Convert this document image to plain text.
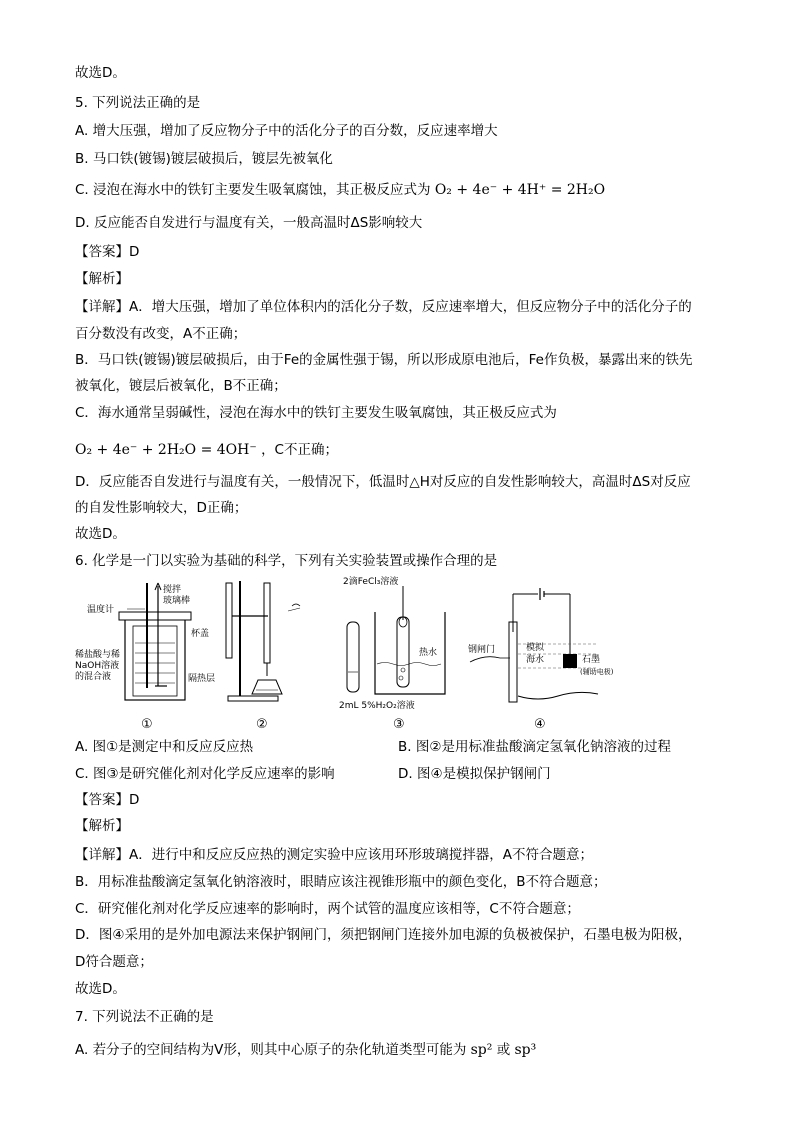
故选D。
5. 下列说法正确的是
A. 增大压强，增加了反应物分子中的活化分子的百分数，反应速率增大
B. 马口铁(镀锡)镀层破损后，镀层先被氧化
C. 浸泡在海水中的铁钉主要发生吸氧腐蚀，其正极反应式为 O₂ + 4e⁻ + 4H⁺ = 2H₂O
D. 反应能否自发进行与温度有关，一般高温时ΔS影响较大
【答案】D
【解析】
【详解】A．增大压强，增加了单位体积内的活化分子数，反应速率增大，但反应物分子中的活化分子的
百分数没有改变，A不正确；
B．马口铁(镀锡)镀层破损后，由于Fe的金属性强于锡，所以形成原电池后，Fe作负极，暴露出来的铁先
被氧化，镀层后被氧化，B不正确；
C．海水通常呈弱碱性，浸泡在海水中的铁钉主要发生吸氧腐蚀，其正极反应式为
O₂ + 4e⁻ + 2H₂O = 4OH⁻ ，C不正确；
D．反应能否自发进行与温度有关，一般情况下，低温时△H对反应的自发性影响较大，高温时ΔS对反应
的自发性影响较大，D正确；
故选D。
6. 化学是一门以实验为基础的科学，下列有关实验装置或操作合理的是
搅拌
玻璃棒
温度计
杯盖
稀盐酸与稀
NaOH溶液
的混合液	隔热层
①	②
2滴FeCl₃溶液
热水
2mL 5%H₂O₂溶液
③
钢闸门	模拟
海水	石墨
(辅助电极)
④
A. 图①是测定中和反应反应热	B. 图②是用标准盐酸滴定氢氧化钠溶液的过程
C. 图③是研究催化剂对化学反应速率的影响	D. 图④是模拟保护钢闸门
【答案】D
【解析】
【详解】A．进行中和反应反应热的测定实验中应该用环形玻璃搅拌器，A不符合题意；
B．用标准盐酸滴定氢氧化钠溶液时，眼睛应该注视锥形瓶中的颜色变化，B不符合题意；
C．研究催化剂对化学反应速率的影响时，两个试管的温度应该相等，C不符合题意；
D．图④采用的是外加电源法来保护钢闸门，须把钢闸门连接外加电源的负极被保护，石墨电极为阳极，
D符合题意；
故选D。
7. 下列说法不正确的是
A. 若分子的空间结构为V形，则其中心原子的杂化轨道类型可能为 sp² 或 sp³
